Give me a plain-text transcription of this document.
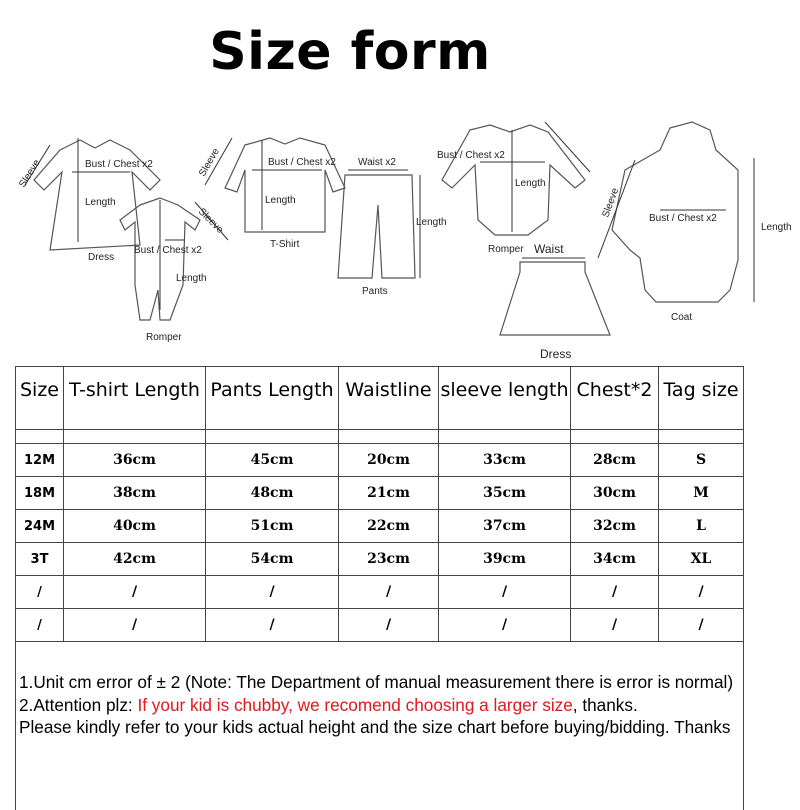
Size form
Bust / Chest x2
Length
Sleeve
Dress
Bust / Chest x2
Length
Sleeve
T-Shirt
Waist x2
Length
Pants
Bust / Chest x2
Length
Sleeve
Romper
Bust / Chest x2
Length
Romper Waist
Dress
Bust / Chest x2
Length
Sleeve
Coat
Size	T-shirt Length	Pants Length	Waistline	sleeve length	Chest*2	Tag size

12M	36cm	45cm	20cm	33cm	28cm	S
18M	38cm	48cm	21cm	35cm	30cm	M
24M	40cm	51cm	22cm	37cm	32cm	L
3T	42cm	54cm	23cm	39cm	34cm	XL
/	/	/	/	/	/	/
/	/	/	/	/	/	/
1.Unit cm error of ± 2 (Note: The Department of manual measurement there is error is normal)
2.Attention plz: If your kid is chubby, we recomend choosing a larger size, thanks.
Please kindly refer to your kids actual height and the size chart before buying/bidding. Thanks
